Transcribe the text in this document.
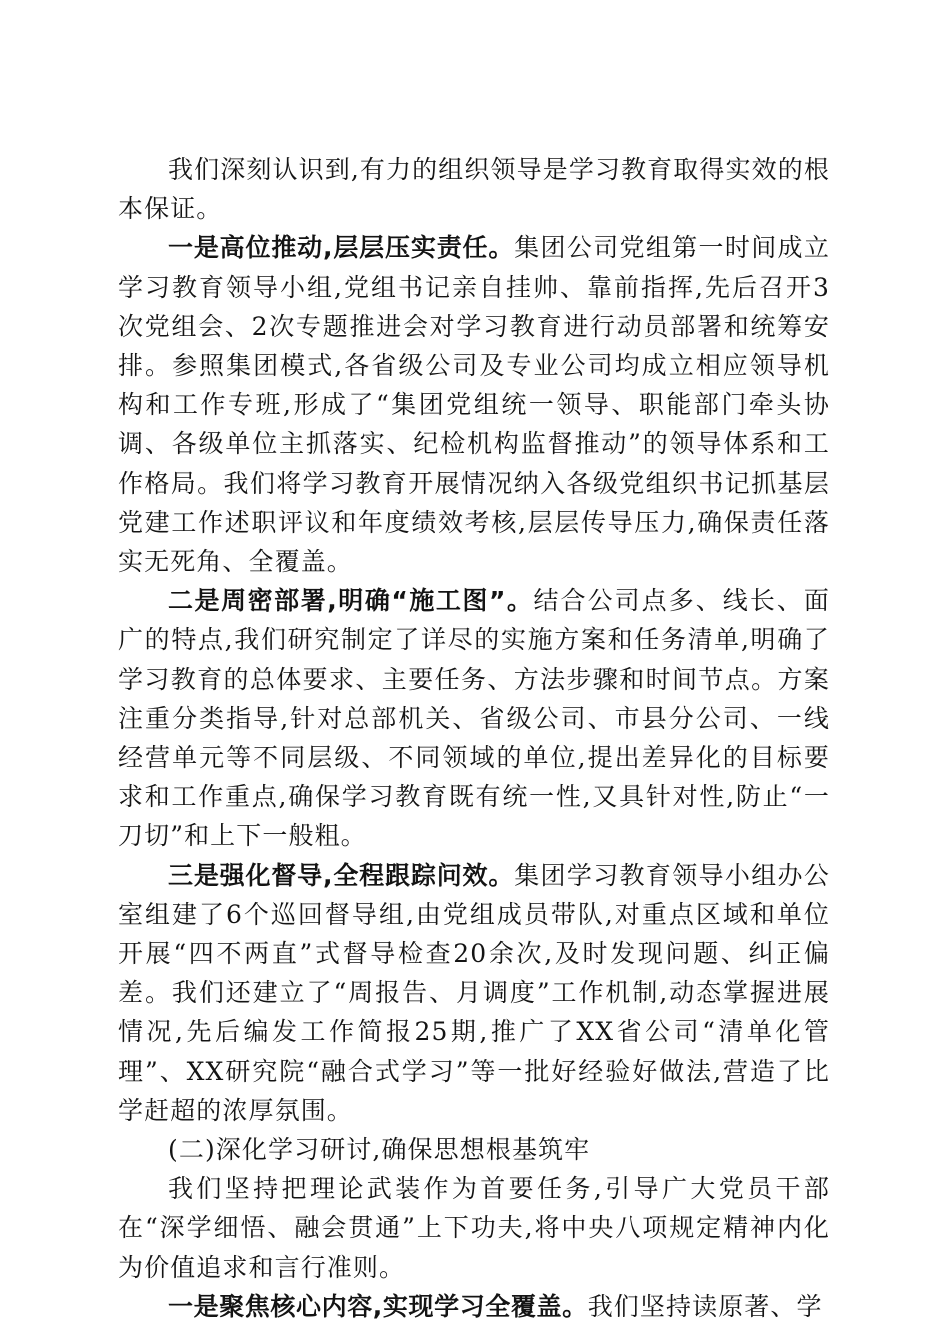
我们深刻认识到,有力的组织领导是学习教育取得实效的根本保证。

一是高位推动,层层压实责任。集团公司党组第一时间成立学习教育领导小组,党组书记亲自挂帅、靠前指挥,先后召开3次党组会、2次专题推进会对学习教育进行动员部署和统筹安排。参照集团模式,各省级公司及专业公司均成立相应领导机构和工作专班,形成了“集团党组统一领导、职能部门牵头协调、各级单位主抓落实、纪检机构监督推动”的领导体系和工作格局。我们将学习教育开展情况纳入各级党组织书记抓基层党建工作述职评议和年度绩效考核,层层传导压力,确保责任落实无死角、全覆盖。

二是周密部署,明确“施工图”。结合公司点多、线长、面广的特点,我们研究制定了详尽的实施方案和任务清单,明确了学习教育的总体要求、主要任务、方法步骤和时间节点。方案注重分类指导,针对总部机关、省级公司、市县分公司、一线经营单元等不同层级、不同领域的单位,提出差异化的目标要求和工作重点,确保学习教育既有统一性,又具针对性,防止“一刀切”和上下一般粗。

三是强化督导,全程跟踪问效。集团学习教育领导小组办公室组建了6个巡回督导组,由党组成员带队,对重点区域和单位开展“四不两直”式督导检查20余次,及时发现问题、纠正偏差。我们还建立了“周报告、月调度”工作机制,动态掌握进展情况,先后编发工作简报25期,推广了XX省公司“清单化管理”、XX研究院“融合式学习”等一批好经验好做法,营造了比学赶超的浓厚氛围。

(二)深化学习研讨,确保思想根基筑牢

我们坚持把理论武装作为首要任务,引导广大党员干部在“深学细悟、融会贯通”上下功夫,将中央八项规定精神内化为价值追求和言行准则。

一是聚焦核心内容,实现学习全覆盖。我们坚持读原著、学
